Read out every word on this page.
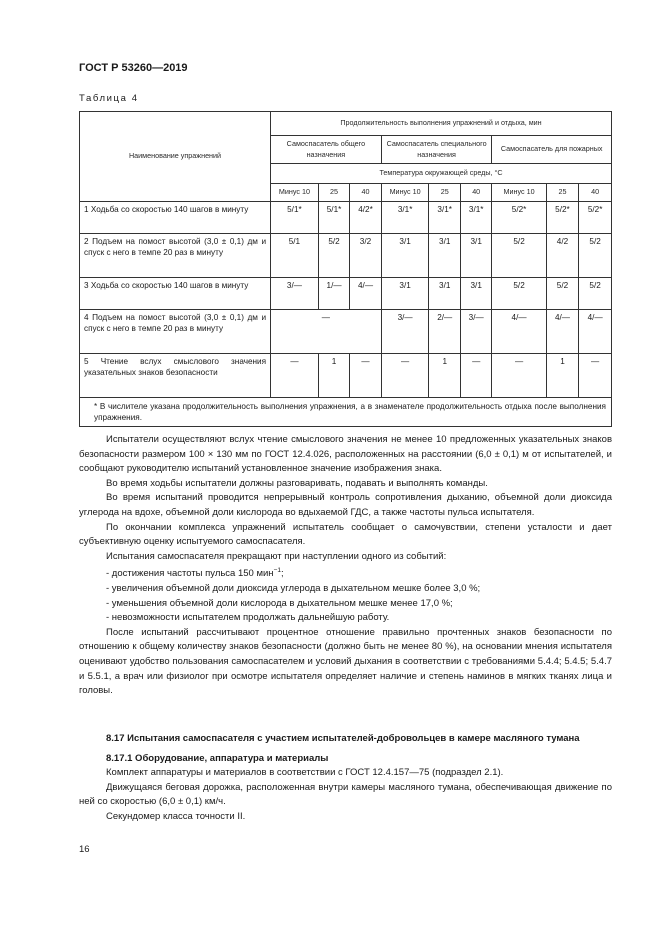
ГОСТ Р 53260—2019
Таблица 4
Наименование упражнений	Продолжительность выполнения упражнений и отдыха, мин								
	Самоспасатель общего назначения			Самоспасатель специального назначения			Самоспасатель для пожарных		
	Температура окружающей среды, °С								
	Минус 10	25	40	Минус 10	25	40	Минус 10	25	40
1 Ходьба со скоростью 140 шагов в минуту	5/1*	5/1*	4/2*	3/1*	3/1*	3/1*	5/2*	5/2*	5/2*
2 Подъем на помост высотой (3,0 ± 0,1) дм и спуск с него в темпе 20 раз в минуту	5/1	5/2	3/2	3/1	3/1	3/1	5/2	4/2	5/2
3 Ходьба со скоростью 140 шагов в минуту	3/—	1/—	4/—	3/1	3/1	3/1	5/2	5/2	5/2
4 Подъем на помост высотой (3,0 ± 0,1) дм и спуск с него в темпе 20 раз в минуту	—			3/—	2/—	3/—	4/—	4/—	4/—
5 Чтение вслух смыслового значения указательных знаков безопасности	—	1	—	—	1	—	—	1	—
* В числителе указана продолжительность выполнения упражнения, а в знаменателе продолжительность отдыха после выполнения упражнения.									

Испытатели осуществляют вслух чтение смыслового значения не менее 10 предложенных указательных знаков безопасности размером 100 × 130 мм по ГОСТ 12.4.026, расположенных на расстоянии (6,0 ± 0,1) м от испытателей, и сообщают руководителю испытаний установленное значение изображения знака.

Во время ходьбы испытатели должны разговаривать, подавать и выполнять команды.

Во время испытаний проводится непрерывный контроль сопротивления дыханию, объемной доли диоксида углерода на вдохе, объемной доли кислорода во вдыхаемой ГДС, а также частоты пульса испытателя.

По окончании комплекса упражнений испытатель сообщает о самочувствии, степени усталости и дает субъективную оценку испытуемого самоспасателя.

Испытания самоспасателя прекращают при наступлении одного из событий:

- достижения частоты пульса 150 мин$^{-1}$;

- увеличения объемной доли диоксида углерода в дыхательном мешке более 3,0 %;

- уменьшения объемной доли кислорода в дыхательном мешке менее 17,0 %;

- невозможности испытателем продолжать дальнейшую работу.

После испытаний рассчитывают процентное отношение правильно прочтенных знаков безопасности по отношению к общему количеству знаков безопасности (должно быть не менее 80 %), на основании мнения испытателя оценивают удобство пользования самоспасателем и условий дыхания в соответствии с требованиями 5.4.4; 5.4.5; 5.4.7 и 5.5.1, а врач или физиолог при осмотре испытателя определяет наличие и степень наминов в мягких тканях лица и головы.

8.17 Испытания самоспасателя с участием испытателей-добровольцев в камере масляного тумана

8.17.1 Оборудование, аппаратура и материалы

Комплект аппаратуры и материалов в соответствии с ГОСТ 12.4.157—75 (подраздел 2.1).

Движущаяся беговая дорожка, расположенная внутри камеры масляного тумана, обеспечивающая движение по ней со скоростью (6,0 ± 0,1) км/ч.

Секундомер класса точности II.

16
